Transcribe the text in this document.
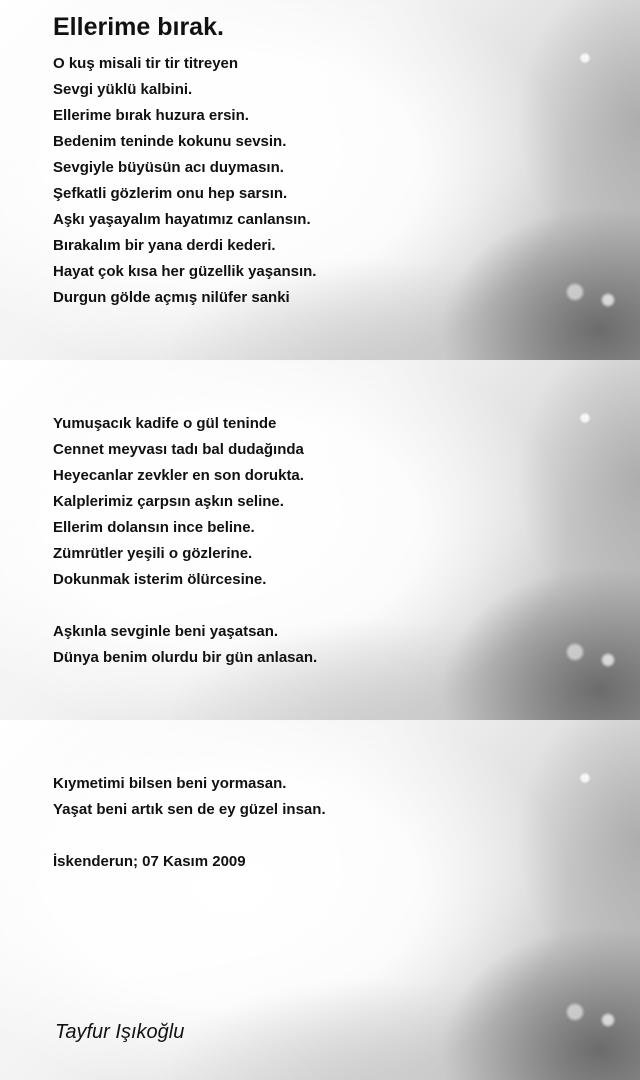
Ellerime bırak.
O kuş misali tir tir titreyen
Sevgi yüklü kalbini.
Ellerime bırak huzura ersin.
Bedenim teninde kokunu sevsin.
Sevgiyle büyüsün acı duymasın.
Şefkatli gözlerim onu hep sarsın.
Aşkı yaşayalım hayatımız canlansın.
Bırakalım bir yana derdi kederi.
Hayat çok kısa her güzellik yaşansın.
Durgun gölde açmış nilüfer sanki
Yumuşacık kadife o gül teninde
Cennet meyvası tadı bal dudağında
Heyecanlar zevkler en son dorukta.
Kalplerimiz çarpsın aşkın seline.
Ellerim dolansın ince beline.
Zümrütler yeşili o gözlerine.
Dokunmak isterim ölürcesine.
Aşkınla sevginle beni yaşatsan.
Dünya benim olurdu bir gün anlasan.
Kıymetimi bilsen beni yormasan.
Yaşat beni artık sen de ey güzel insan.
İskenderun; 07 Kasım 2009
Tayfur Işıkoğlu
